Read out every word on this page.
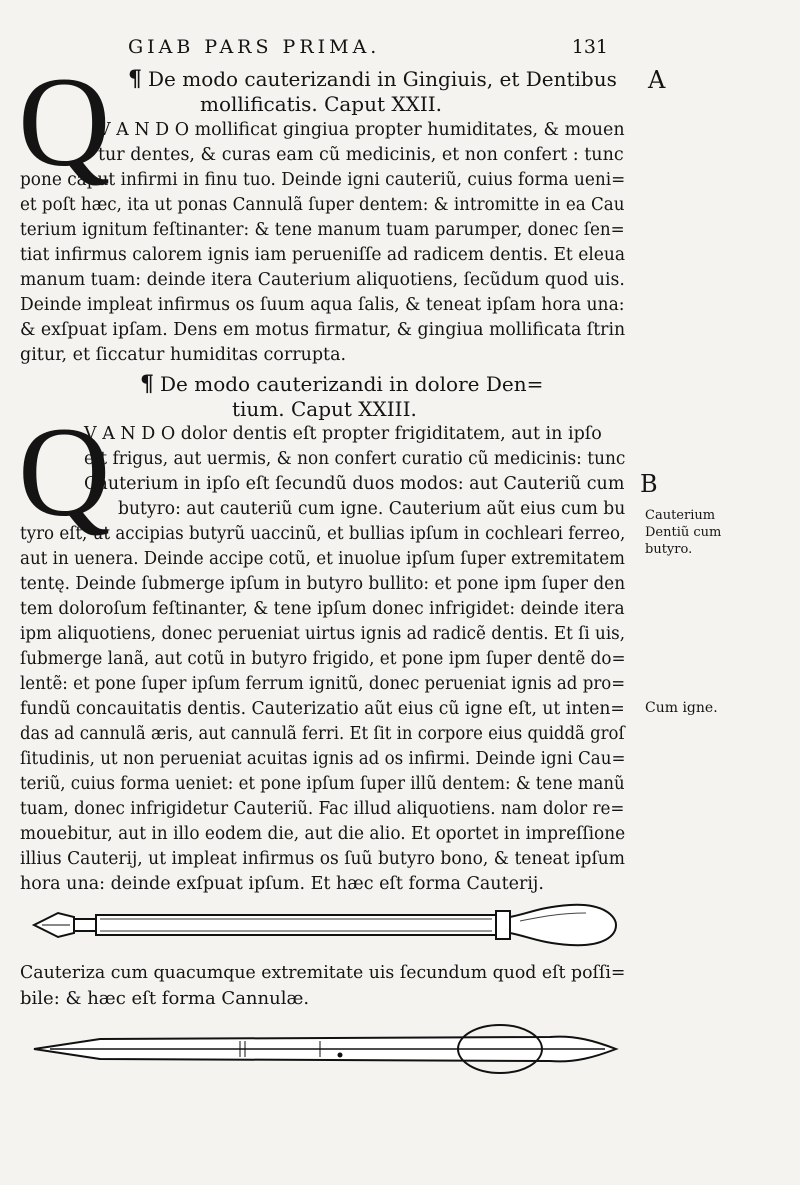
GIAB PARS PRIMA.	131
A
¶ De modo cauterizandi in Gingiuis, et Dentibus
mollificatis. Caput XXII.
Q
V A N D O mollificat gingiua propter humiditates, & mouen
tur dentes, & curas eam cũ medicinis, et non confert : tunc
pone caput infirmi in finu tuo. Deinde igni cauteriũ, cuius forma ueni=
et poſt hæc, ita ut ponas Cannulã ſuper dentem: & intromitte in ea Cau
terium ignitum feſtinanter: & tene manum tuam parumper, donec ſen=
tiat infirmus calorem ignis iam perueniſſe ad radicem dentis. Et eleua
manum tuam: deinde itera Cauterium aliquotiens, ſecũdum quod uis.
Deinde impleat infirmus os ſuum aqua ſalis, & teneat ipſam hora una:
& exſpuat ipſam. Dens em motus firmatur, & gingiua mollificata ſtrin
gitur, et ſiccatur humiditas corrupta.
¶ De modo cauterizandi in dolore Den=
tium. Caput XXIII.
Q
V A N D O dolor dentis eſt propter frigiditatem, aut in ipſo
eſt frigus, aut uermis, & non confert curatio cũ medicinis: tunc
Cauterium in ipſo eſt ſecundũ duos modos: aut Cauteriũ cum
butyro: aut cauteriũ cum igne. Cauterium aũt eius cum bu
tyro eſt, ut accipias butyrũ uaccinũ, et bullias ipſum in cochleari ferreo,
aut in uenera. Deinde accipe cotũ, et inuolue ipſum ſuper extremitatem
tentę. Deinde ſubmerge ipſum in butyro bullito: et pone ipm ſuper den
tem doloroſum feſtinanter, & tene ipſum donec infrigidet: deinde itera
ipm aliquotiens, donec perueniat uirtus ignis ad radicẽ dentis. Et ſi uis,
ſubmerge lanã, aut cotũ in butyro frigido, et pone ipm ſuper dentẽ do=
lentẽ: et pone ſuper ipſum ferrum ignitũ, donec perueniat ignis ad pro=
fundũ concauitatis dentis. Cauterizatio aũt eius cũ igne eſt, ut inten=
das ad cannulã æris, aut cannulã ferri. Et ſit in corpore eius quiddã groſ
ſitudinis, ut non perueniat acuitas ignis ad os infirmi. Deinde igni Cau=
teriũ, cuius forma ueniet: et pone ipſum ſuper illũ dentem: & tene manũ
tuam, donec infrigidetur Cauteriũ. Fac illud aliquotiens. nam dolor re=
mouebitur, aut in illo eodem die, aut die alio. Et oportet in impreſſione
illius Cauterij, ut impleat infirmus os ſuũ butyro bono, & teneat ipſum
hora una: deinde exſpuat ipſum. Et hæc eſt forma Cauterij.
B
Cauterium
Dentiũ cum
butyro.
Cum igne.
Cauteriza cum quacumque extremitate uis ſecundum quod eſt poſſi=
bile: & hæc eſt forma Cannulæ.
